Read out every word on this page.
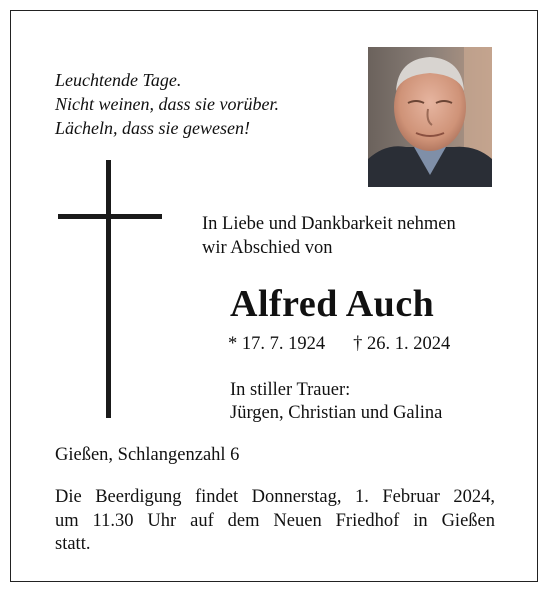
Leuchtende Tage.
Nicht weinen, dass sie vorüber.
Lächeln, dass sie gewesen!
In Liebe und Dankbarkeit nehmen
wir Abschied von
Alfred Auch
* 17. 7. 1924 † 26. 1. 2024
In stiller Trauer:
Jürgen, Christian und Galina
Gießen, Schlangenzahl 6
Die Beerdigung findet Donnerstag, 1. Februar 2024,
um 11.30 Uhr auf dem Neuen Friedhof in Gießen
statt.
